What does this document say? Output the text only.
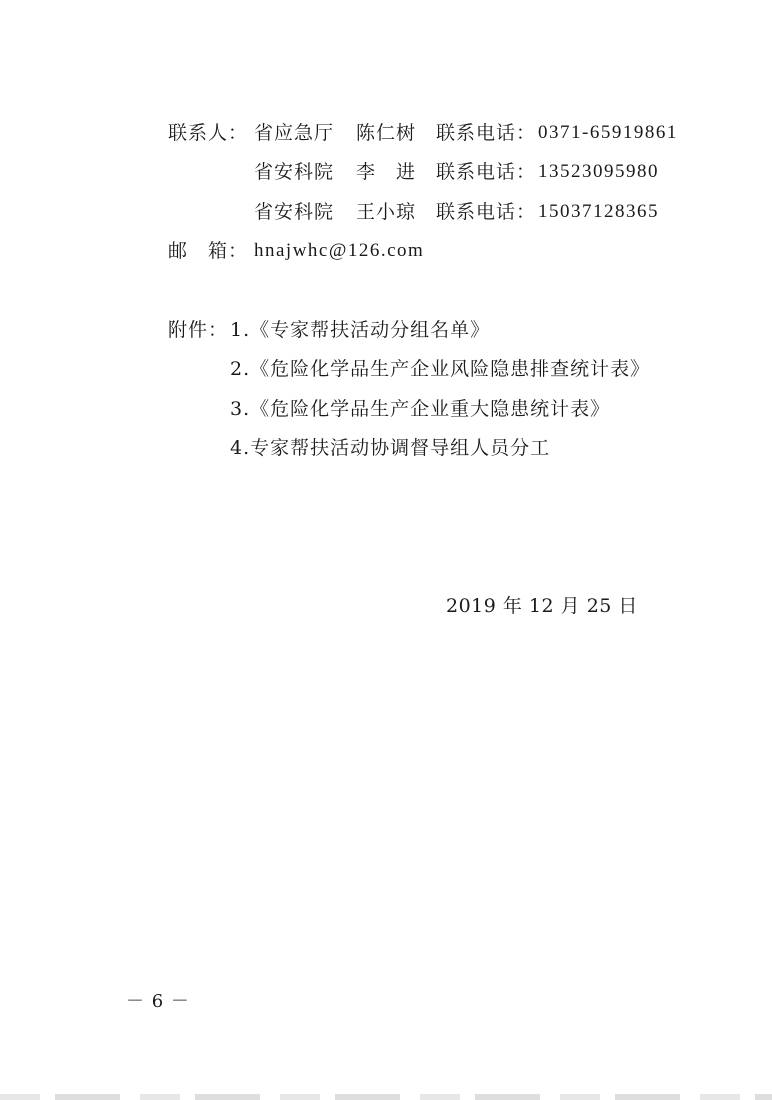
联系人： 省应急厅 陈仁树 联系电话： 0371-65919861
省安科院 李　进 联系电话： 13523095980
省安科院 王小琼 联系电话： 15037128365
邮　箱： hnajwhc@126.com
附件： 1.《专家帮扶活动分组名单》
2.《危险化学品生产企业风险隐患排查统计表》
3.《危险化学品生产企业重大隐患统计表》
4.专家帮扶活动协调督导组人员分工
2019 年 12 月 25 日
－ 6 －
